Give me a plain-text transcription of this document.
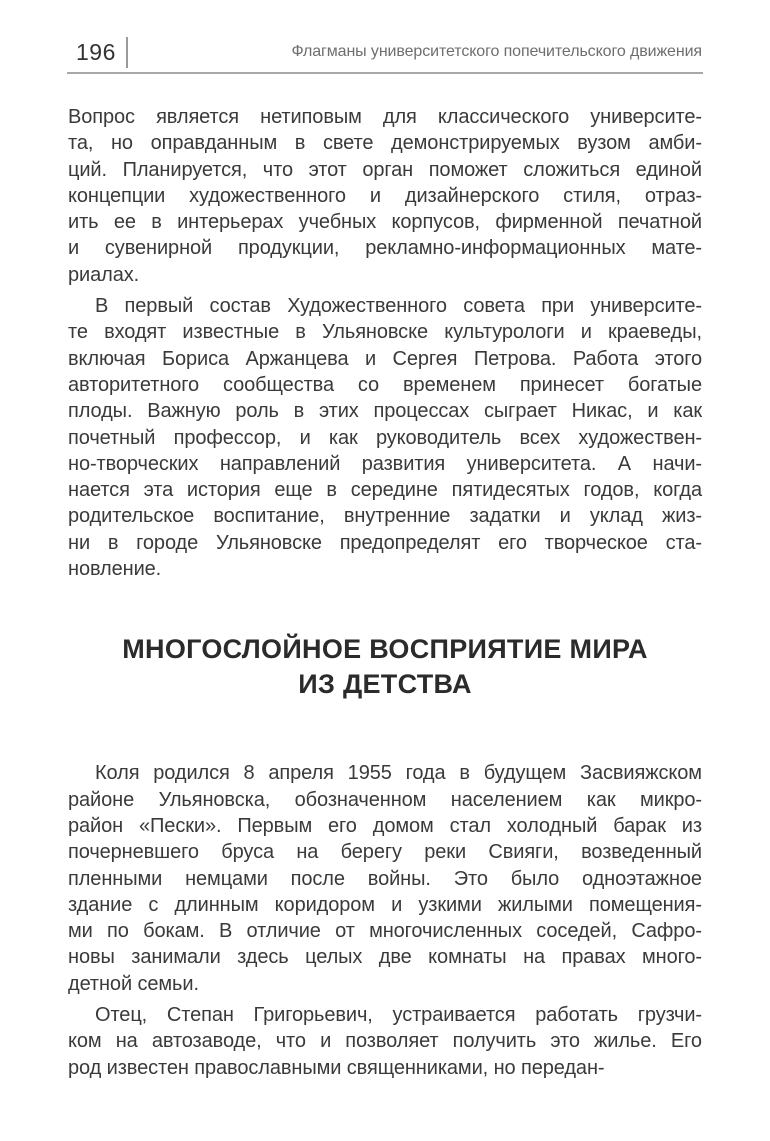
196	Флагманы университетского попечительского движения
Вопрос является нетиповым для классического университе-
та, но оправданным в свете демонстрируемых вузом амби-
ций. Планируется, что этот орган поможет сложиться единой
концепции художественного и дизайнерского стиля, отраз-
ить ее в интерьерах учебных корпусов, фирменной печатной
и сувенирной продукции, рекламно-информационных мате-
риалах.
В первый состав Художественного совета при университе-
те входят известные в Ульяновске культурологи и краеведы,
включая Бориса Аржанцева и Сергея Петрова. Работа этого
авторитетного сообщества со временем принесет богатые
плоды. Важную роль в этих процессах сыграет Никас, и как
почетный профессор, и как руководитель всех художествен-
но-творческих направлений развития университета. А начи-
нается эта история еще в середине пятидесятых годов, когда
родительское воспитание, внутренние задатки и уклад жиз-
ни в городе Ульяновске предопределят его творческое ста-
новление.
МНОГОСЛОЙНОЕ ВОСПРИЯТИЕ МИРА
ИЗ ДЕТСТВА
Коля родился 8 апреля 1955 года в будущем Засвияжском
районе Ульяновска, обозначенном населением как микро-
район «Пески». Первым его домом стал холодный барак из
почерневшего бруса на берегу реки Свияги, возведенный
пленными немцами после войны. Это было одноэтажное
здание с длинным коридором и узкими жилыми помещения-
ми по бокам. В отличие от многочисленных соседей, Сафро-
новы занимали здесь целых две комнаты на правах много-
детной семьи.
Отец, Степан Григорьевич, устраивается работать грузчи-
ком на автозаводе, что и позволяет получить это жилье. Его
род известен православными священниками, но передан-
